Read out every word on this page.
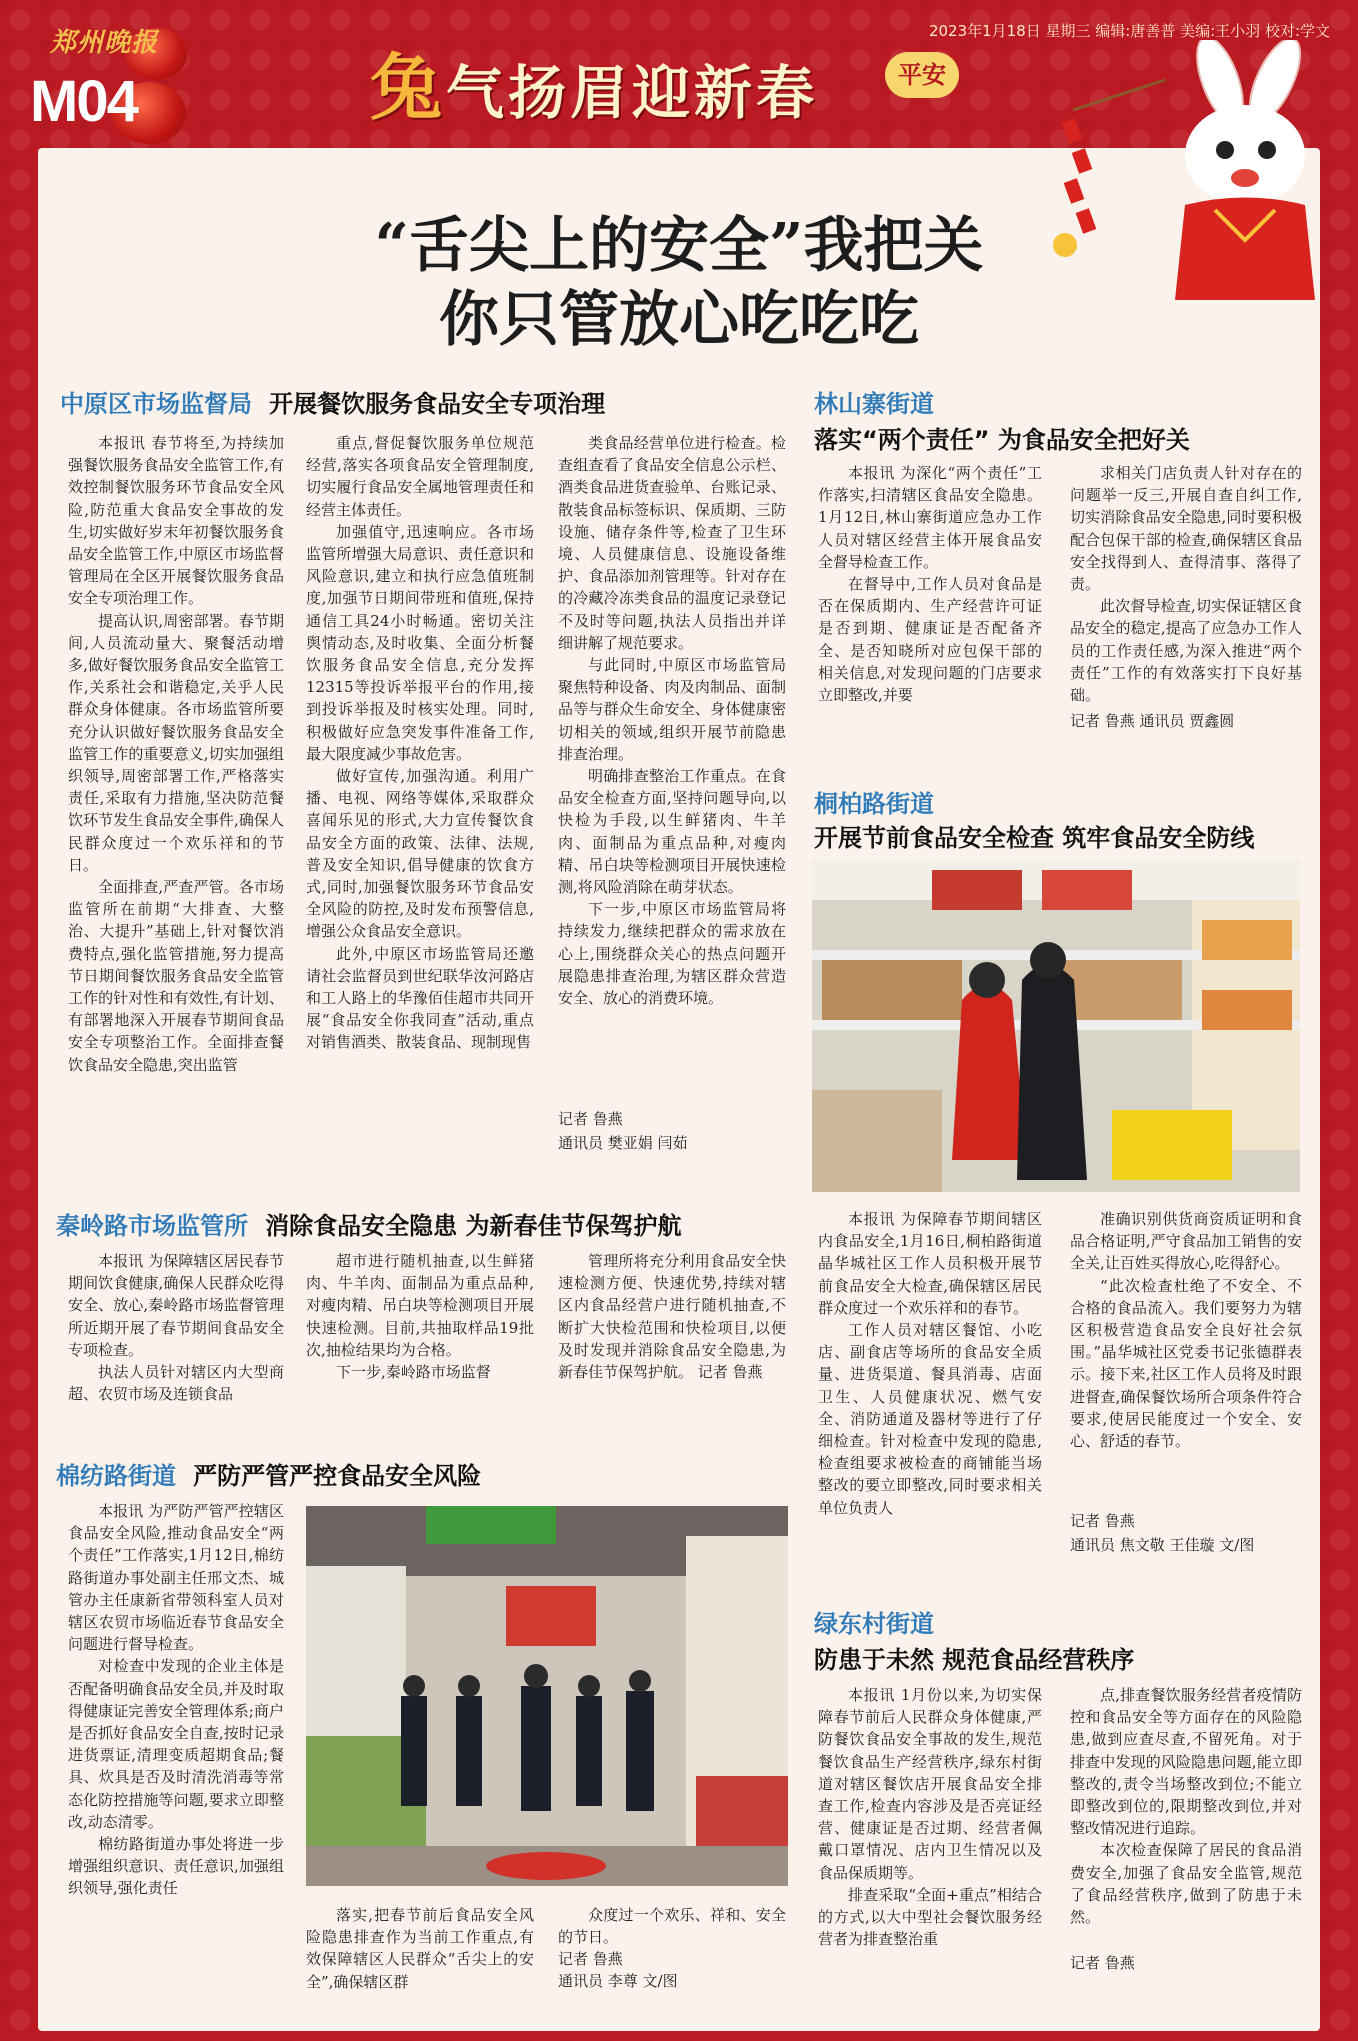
郑州晚报
M04
2023年1月18日 星期三 编辑:唐善普 美编:王小羽 校对:学文
兔气扬眉迎新春	平安
“舌尖上的安全”我把关
你只管放心吃吃吃
中原区市场监督局 开展餐饮服务食品安全专项治理

本报讯 春节将至,为持续加强餐饮服务食品安全监管工作,有效控制餐饮服务环节食品安全风险,防范重大食品安全事故的发生,切实做好岁末年初餐饮服务食品安全监管工作,中原区市场监督管理局在全区开展餐饮服务食品安全专项治理工作。

提高认识,周密部署。春节期间,人员流动量大、聚餐活动增多,做好餐饮服务食品安全监管工作,关系社会和谐稳定,关乎人民群众身体健康。各市场监管所要充分认识做好餐饮服务食品安全监管工作的重要意义,切实加强组织领导,周密部署工作,严格落实责任,采取有力措施,坚决防范餐饮环节发生食品安全事件,确保人民群众度过一个欢乐祥和的节日。

全面排查,严查严管。各市场监管所在前期“大排查、大整治、大提升”基础上,针对餐饮消费特点,强化监管措施,努力提高节日期间餐饮服务食品安全监管工作的针对性和有效性,有计划、有部署地深入开展春节期间食品安全专项整治工作。全面排查餐饮食品安全隐患,突出监管

重点,督促餐饮服务单位规范经营,落实各项食品安全管理制度,切实履行食品安全属地管理责任和经营主体责任。

加强值守,迅速响应。各市场监管所增强大局意识、责任意识和风险意识,建立和执行应急值班制度,加强节日期间带班和值班,保持通信工具24小时畅通。密切关注舆情动态,及时收集、全面分析餐饮服务食品安全信息,充分发挥12315等投诉举报平台的作用,接到投诉举报及时核实处理。同时,积极做好应急突发事件准备工作,最大限度减少事故危害。

做好宣传,加强沟通。利用广播、电视、网络等媒体,采取群众喜闻乐见的形式,大力宣传餐饮食品安全方面的政策、法律、法规,普及安全知识,倡导健康的饮食方式,同时,加强餐饮服务环节食品安全风险的防控,及时发布预警信息,增强公众食品安全意识。

此外,中原区市场监管局还邀请社会监督员到世纪联华汝河路店和工人路上的华豫佰佳超市共同开展“食品安全你我同查”活动,重点对销售酒类、散装食品、现制现售

类食品经营单位进行检查。检查组查看了食品安全信息公示栏、酒类食品进货查验单、台账记录、散装食品标签标识、保质期、三防设施、储存条件等,检查了卫生环境、人员健康信息、设施设备维护、食品添加剂管理等。针对存在的冷藏冷冻类食品的温度记录登记不及时等问题,执法人员指出并详细讲解了规范要求。

与此同时,中原区市场监管局聚焦特种设备、肉及肉制品、面制品等与群众生命安全、身体健康密切相关的领域,组织开展节前隐患排查治理。

明确排查整治工作重点。在食品安全检查方面,坚持问题导向,以快检为手段,以生鲜猪肉、牛羊肉、面制品为重点品种,对瘦肉精、吊白块等检测项目开展快速检测,将风险消除在萌芽状态。

下一步,中原区市场监管局将持续发力,继续把群众的需求放在心上,围绕群众关心的热点问题开展隐患排查治理,为辖区群众营造安全、放心的消费环境。

记者 鲁燕
通讯员 樊亚娟 闫茹
林山寨街道
落实“两个责任” 为食品安全把好关

本报讯 为深化“两个责任”工作落实,扫清辖区食品安全隐患。1月12日,林山寨街道应急办工作人员对辖区经营主体开展食品安全督导检查工作。

在督导中,工作人员对食品是否在保质期内、生产经营许可证是否到期、健康证是否配备齐全、是否知晓所对应包保干部的相关信息,对发现问题的门店要求立即整改,并要

求相关门店负责人针对存在的问题举一反三,开展自查自纠工作,切实消除食品安全隐患,同时要积极配合包保干部的检查,确保辖区食品安全找得到人、查得清事、落得了责。

此次督导检查,切实保证辖区食品安全的稳定,提高了应急办工作人员的工作责任感,为深入推进“两个责任”工作的有效落实打下良好基础。

记者 鲁燕 通讯员 贾鑫圆
桐柏路街道
开展节前食品安全检查 筑牢食品安全防线

本报讯 为保障春节期间辖区内食品安全,1月16日,桐柏路街道晶华城社区工作人员积极开展节前食品安全大检查,确保辖区居民群众度过一个欢乐祥和的春节。

工作人员对辖区餐馆、小吃店、副食店等场所的食品安全质量、进货渠道、餐具消毒、店面卫生、人员健康状况、燃气安全、消防通道及器材等进行了仔细检查。针对检查中发现的隐患,检查组要求被检查的商铺能当场整改的要立即整改,同时要求相关单位负责人

准确识别供货商资质证明和食品合格证明,严守食品加工销售的安全关,让百姓买得放心,吃得舒心。

“此次检查杜绝了不安全、不合格的食品流入。我们要努力为辖区积极营造食品安全良好社会氛围。”晶华城社区党委书记张德群表示。接下来,社区工作人员将及时跟进督查,确保餐饮场所合项条件符合要求,使居民能度过一个安全、安心、舒适的春节。

记者 鲁燕
通讯员 焦文敬 王佳璇 文/图
秦岭路市场监管所 消除食品安全隐患 为新春佳节保驾护航

本报讯 为保障辖区居民春节期间饮食健康,确保人民群众吃得安全、放心,秦岭路市场监督管理所近期开展了春节期间食品安全专项检查。

执法人员针对辖区内大型商超、农贸市场及连锁食品

超市进行随机抽查,以生鲜猪肉、牛羊肉、面制品为重点品种,对瘦肉精、吊白块等检测项目开展快速检测。目前,共抽取样品19批次,抽检结果均为合格。

下一步,秦岭路市场监督

管理所将充分利用食品安全快速检测方便、快速优势,持续对辖区内食品经营户进行随机抽查,不断扩大快检范围和快检项目,以便及时发现并消除食品安全隐患,为新春佳节保驾护航。 记者 鲁燕

棉纺路街道 严防严管严控食品安全风险

本报讯 为严防严管严控辖区食品安全风险,推动食品安全“两个责任”工作落实,1月12日,棉纺路街道办事处副主任邢文杰、城管办主任康新省带领科室人员对辖区农贸市场临近春节食品安全问题进行督导检查。

对检查中发现的企业主体是否配备明确食品安全员,并及时取得健康证完善安全管理体系;商户是否抓好食品安全自查,按时记录进货票证,清理变质超期食品;餐具、炊具是否及时清洗消毒等常态化防控措施等问题,要求立即整改,动态清零。

棉纺路街道办事处将进一步增强组织意识、责任意识,加强组织领导,强化责任

落实,把春节前后食品安全风险隐患排查作为当前工作重点,有效保障辖区人民群众“舌尖上的安全”,确保辖区群

众度过一个欢乐、祥和、安全的节日。

记者 鲁燕
通讯员 李尊 文/图
绿东村街道
防患于未然 规范食品经营秩序

本报讯 1月份以来,为切实保障春节前后人民群众身体健康,严防餐饮食品安全事故的发生,规范餐饮食品生产经营秩序,绿东村街道对辖区餐饮店开展食品安全排查工作,检查内容涉及是否亮证经营、健康证是否过期、经营者佩戴口罩情况、店内卫生情况以及食品保质期等。

排查采取“全面+重点”相结合的方式,以大中型社会餐饮服务经营者为排查整治重

点,排查餐饮服务经营者疫情防控和食品安全等方面存在的风险隐患,做到应查尽查,不留死角。对于排查中发现的风险隐患问题,能立即整改的,责令当场整改到位;不能立即整改到位的,限期整改到位,并对整改情况进行追踪。

本次检查保障了居民的食品消费安全,加强了食品安全监管,规范了食品经营秩序,做到了防患于未然。

记者 鲁燕
